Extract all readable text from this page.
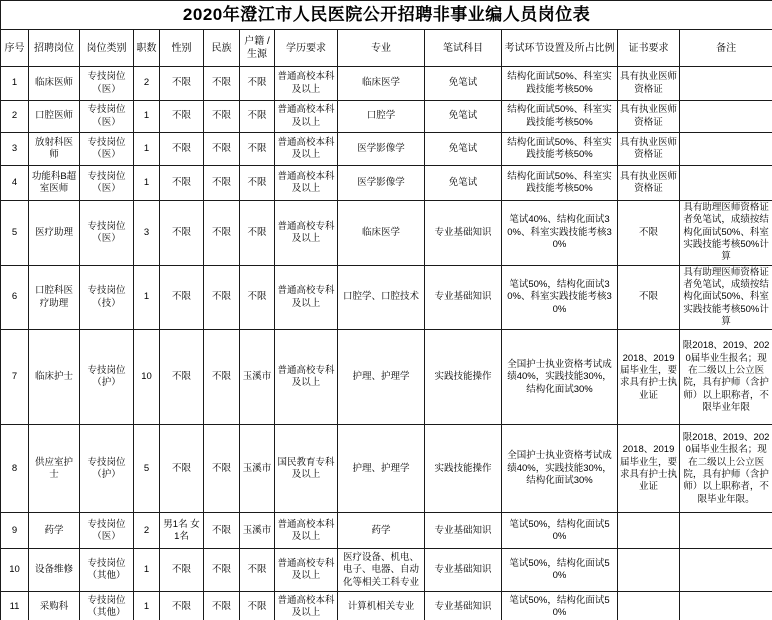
2020年澄江市人民医院公开招聘非事业编人员岗位表												
序号	招聘岗位	岗位类别	职数	性别	民族	户籍 / 生源	学历要求	专业	笔试科目	考试环节设置及所占比例	证书要求	备注
1	临床医师	专技岗位（医）	2	不限	不限	不限	普通高校本科及以上	临床医学	免笔试	结构化面试50%、科室实践技能考核50%	具有执业医师资格证	
2	口腔医师	专技岗位（医）	1	不限	不限	不限	普通高校本科及以上	口腔学	免笔试	结构化面试50%、科室实践技能考核50%	具有执业医师资格证	
3	放射科医师	专技岗位（医）	1	不限	不限	不限	普通高校本科及以上	医学影像学	免笔试	结构化面试50%、科室实践技能考核50%	具有执业医师资格证	
4	功能科B超室医师	专技岗位（医）	1	不限	不限	不限	普通高校本科及以上	医学影像学	免笔试	结构化面试50%、科室实践技能考核50%	具有执业医师资格证	
5	医疗助理	专技岗位（医）	3	不限	不限	不限	普通高校专科及以上	临床医学	专业基础知识	笔试40%、结构化面试30%、科室实践技能考核30%	不限	具有助理医师资格证者免笔试，成绩按结构化面试50%、科室实践技能考核50%计算
6	口腔科医疗助理	专技岗位（技）	1	不限	不限	不限	普通高校专科及以上	口腔学、口腔技术	专业基础知识	笔试50%，结构化面试30%、科室实践技能考核30%	不限	具有助理医师资格证者免笔试，成绩按结构化面试50%、科室实践技能考核50%计算
7	临床护士	专技岗位（护）	10	不限	不限	玉溪市	普通高校专科及以上	护理、护理学	实践技能操作	全国护士执业资格考试成绩40%，实践技能30%，结构化面试30%	2018、2019届毕业生，要求具有护士执业证	限2018、2019、2020届毕业生报名；现在二级以上公立医院，具有护师（含护师）以上职称者，不限毕业年限
8	供应室护士	专技岗位（护）	5	不限	不限	玉溪市	国民教育专科及以上	护理、护理学	实践技能操作	全国护士执业资格考试成绩40%，实践技能30%，结构化面试30%	2018、2019届毕业生，要求具有护士执业证	限2018、2019、2020届毕业生报名；现在二级以上公立医院，具有护师（含护师）以上职称者，不限毕业年限。
9	药学	专技岗位（医）	2	男1名 女1名	不限	玉溪市	普通高校本科及以上	药学	专业基础知识	笔试50%，结构化面试50%		
10	设备维修	专技岗位（其他）	1	不限	不限	不限	普通高校专科及以上	医疗设备、机电、电子、电器、自动化等相关工科专业	专业基础知识	笔试50%，结构化面试50%		
11	采购科	专技岗位（其他）	1	不限	不限	不限	普通高校本科及以上	计算机相关专业	专业基础知识	笔试50%，结构化面试50%		
